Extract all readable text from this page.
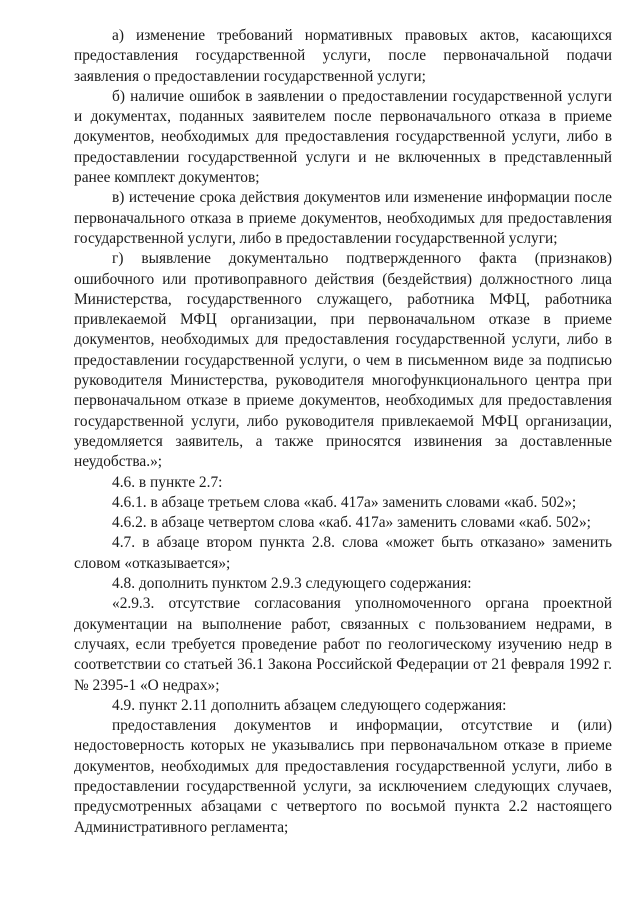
а) изменение требований нормативных правовых актов, касающихся предоставления государственной услуги, после первоначальной подачи заявления о предоставлении государственной услуги;

б) наличие ошибок в заявлении о предоставлении государственной услуги и документах, поданных заявителем после первоначального отказа в приеме документов, необходимых для предоставления государственной услуги, либо в предоставлении государственной услуги и не включенных в представленный ранее комплект документов;

в) истечение срока действия документов или изменение информации после первоначального отказа в приеме документов, необходимых для предоставления государственной услуги, либо в предоставлении государственной услуги;

г) выявление документально подтвержденного факта (признаков) ошибочного или противоправного действия (бездействия) должностного лица Министерства, государственного служащего, работника МФЦ, работника привлекаемой МФЦ организации, при первоначальном отказе в приеме документов, необходимых для предоставления государственной услуги, либо в предоставлении государственной услуги, о чем в письменном виде за подписью руководителя Министерства, руководителя многофункционального центра при первоначальном отказе в приеме документов, необходимых для предоставления государственной услуги, либо руководителя привлекаемой МФЦ организации, уведомляется заявитель, а также приносятся извинения за доставленные неудобства.»;

4.6. в пункте 2.7:

4.6.1. в абзаце третьем слова «каб. 417а» заменить словами «каб. 502»;

4.6.2. в абзаце четвертом слова «каб. 417а» заменить словами «каб. 502»;

4.7. в абзаце втором пункта 2.8. слова «может быть отказано» заменить словом «отказывается»;

4.8. дополнить пунктом 2.9.3 следующего содержания:

«2.9.3. отсутствие согласования уполномоченного органа проектной документации на выполнение работ, связанных с пользованием недрами, в случаях, если требуется проведение работ по геологическому изучению недр в соответствии со статьей 36.1 Закона Российской Федерации от 21 февраля 1992 г. № 2395-1 «О недрах»;

4.9. пункт 2.11 дополнить абзацем следующего содержания:

предоставления документов и информации, отсутствие и (или) недостоверность которых не указывались при первоначальном отказе в приеме документов, необходимых для предоставления государственной услуги, либо в предоставлении государственной услуги, за исключением следующих случаев, предусмотренных абзацами с четвертого по восьмой пункта 2.2 настоящего Административного регламента;
